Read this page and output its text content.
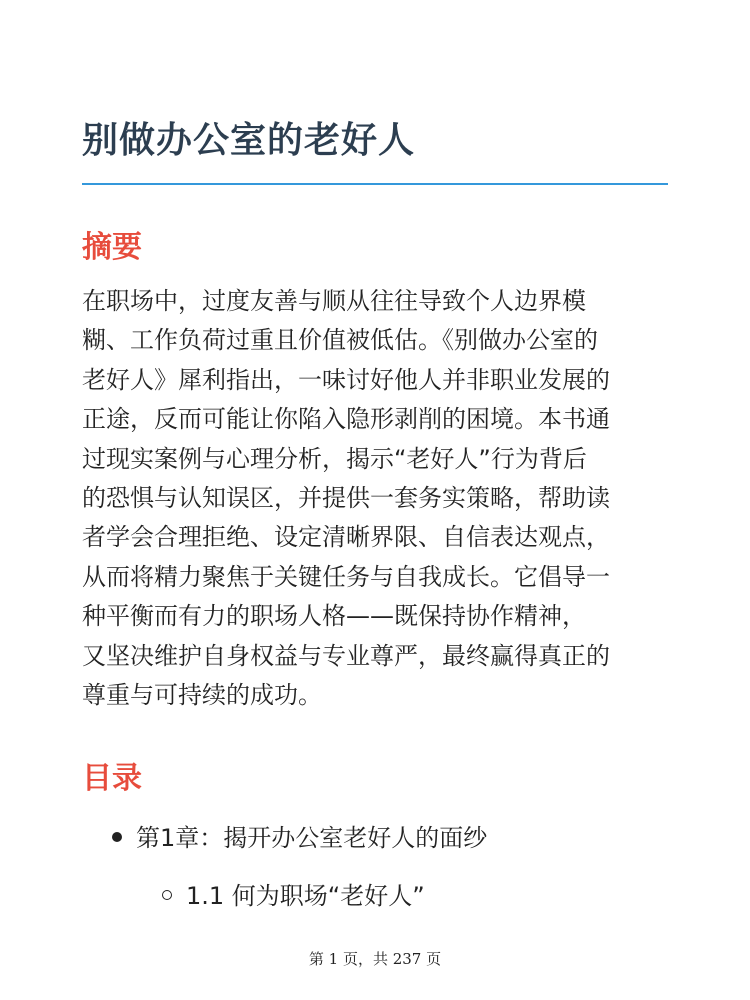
别做办公室的老好人
摘要

在职场中，过度友善与顺从往往导致个人边界模
糊、工作负荷过重且价值被低估。《别做办公室的
老好人》犀利指出，一味讨好他人并非职业发展的
正途，反而可能让你陷入隐形剥削的困境。本书通
过现实案例与心理分析，揭示“老好人”行为背后
的恐惧与认知误区，并提供一套务实策略，帮助读
者学会合理拒绝、设定清晰界限、自信表达观点，
从而将精力聚焦于关键任务与自我成长。它倡导一
种平衡而有力的职场人格——既保持协作精神，
又坚决维护自身权益与专业尊严，最终赢得真正的
尊重与可持续的成功。

目录
第1章：揭开办公室老好人的面纱
1.1 何为职场“老好人”
第 1 页，共 237 页
